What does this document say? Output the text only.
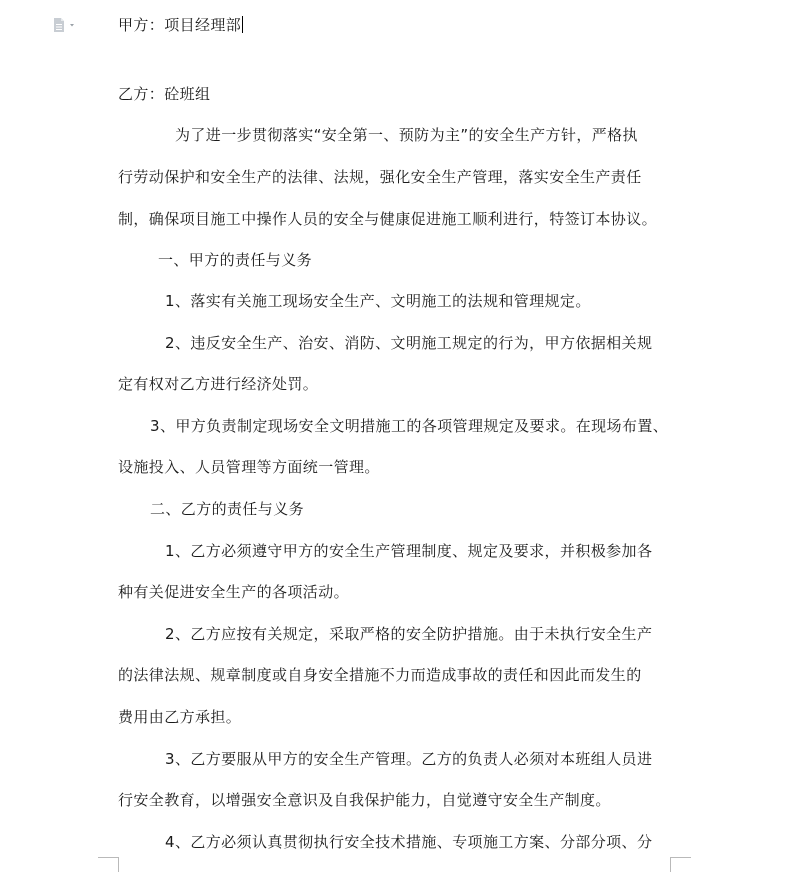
甲方：项目经理部
乙方：砼班组
为了进一步贯彻落实“安全第一、预防为主”的安全生产方针，严格执
行劳动保护和安全生产的法律、法规，强化安全生产管理，落实安全生产责任
制，确保项目施工中操作人员的安全与健康促进施工顺利进行，特签订本协议。
一、甲方的责任与义务
1、落实有关施工现场安全生产、文明施工的法规和管理规定。
2、违反安全生产、治安、消防、文明施工规定的行为，甲方依据相关规
定有权对乙方进行经济处罚。
3、甲方负责制定现场安全文明措施工的各项管理规定及要求。在现场布置、
设施投入、人员管理等方面统一管理。
二、乙方的责任与义务
1、乙方必须遵守甲方的安全生产管理制度、规定及要求，并积极参加各
种有关促进安全生产的各项活动。
2、乙方应按有关规定，采取严格的安全防护措施。由于未执行安全生产
的法律法规、规章制度或自身安全措施不力而造成事故的责任和因此而发生的
费用由乙方承担。
3、乙方要服从甲方的安全生产管理。乙方的负责人必须对本班组人员进
行安全教育，以增强安全意识及自我保护能力，自觉遵守安全生产制度。
4、乙方必须认真贯彻执行安全技术措施、专项施工方案、分部分项、分
